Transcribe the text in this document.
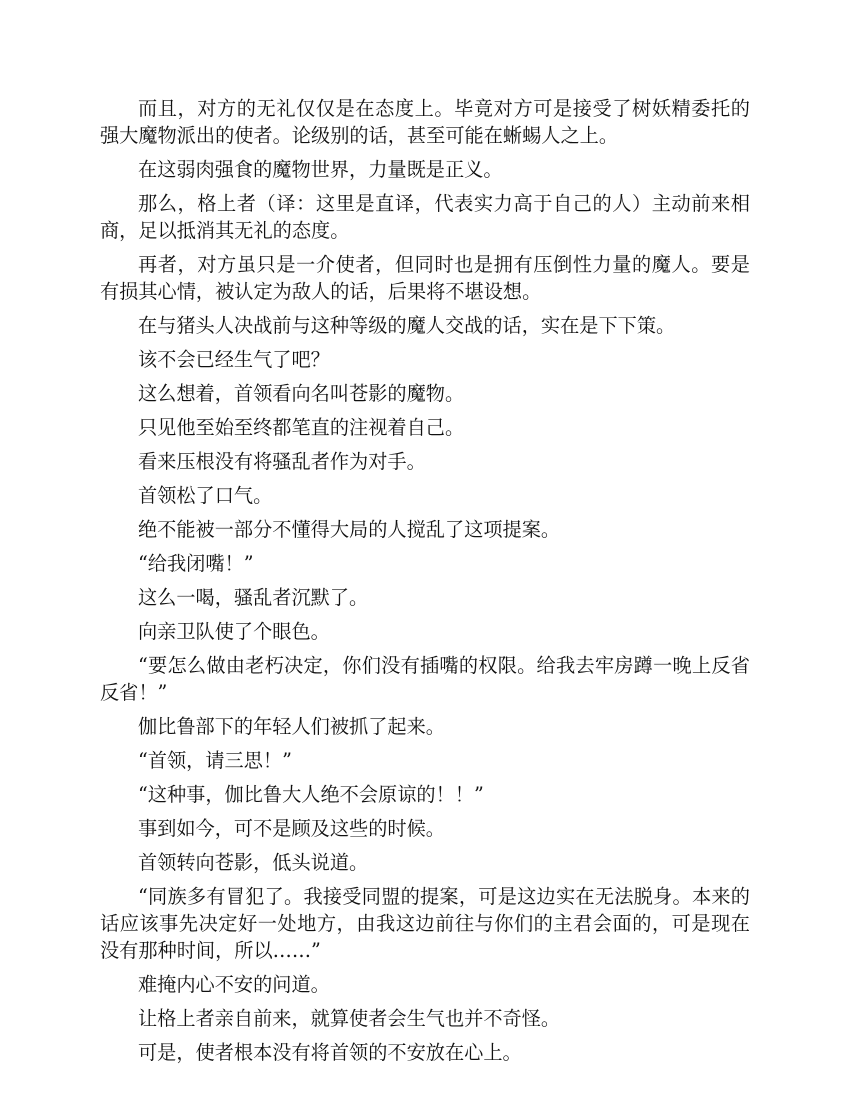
而且，对方的无礼仅仅是在态度上。毕竟对方可是接受了树妖精委托的强大魔物派出的使者。论级别的话，甚至可能在蜥蜴人之上。

在这弱肉强食的魔物世界，力量既是正义。

那么，格上者（译：这里是直译，代表实力高于自己的人）主动前来相商，足以抵消其无礼的态度。

再者，对方虽只是一介使者，但同时也是拥有压倒性力量的魔人。要是有损其心情，被认定为敌人的话，后果将不堪设想。

在与猪头人决战前与这种等级的魔人交战的话，实在是下下策。

该不会已经生气了吧？

这么想着，首领看向名叫苍影的魔物。

只见他至始至终都笔直的注视着自己。

看来压根没有将骚乱者作为对手。

首领松了口气。

绝不能被一部分不懂得大局的人搅乱了这项提案。

“给我闭嘴！”

这么一喝，骚乱者沉默了。

向亲卫队使了个眼色。

“要怎么做由老朽决定，你们没有插嘴的权限。给我去牢房蹲一晚上反省反省！”

伽比鲁部下的年轻人们被抓了起来。

“首领，请三思！”

“这种事，伽比鲁大人绝不会原谅的！！”

事到如今，可不是顾及这些的时候。

首领转向苍影，低头说道。

“同族多有冒犯了。我接受同盟的提案，可是这边实在无法脱身。本来的话应该事先决定好一处地方，由我这边前往与你们的主君会面的，可是现在没有那种时间，所以……”

难掩内心不安的问道。

让格上者亲自前来，就算使者会生气也并不奇怪。

可是，使者根本没有将首领的不安放在心上。
